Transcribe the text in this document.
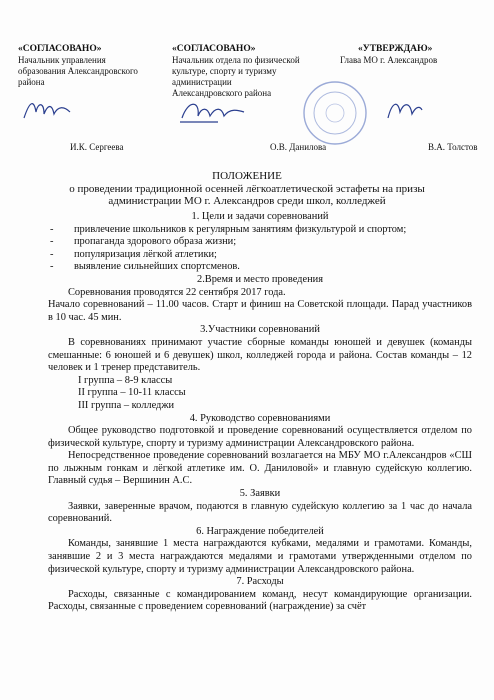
«СОГЛАСОВАНО»
Начальник управления
образования Александровского
района
«СОГЛАСОВАНО»
Начальник отдела по физической
культуре, спорту и туризму
администрации
Александровского района
«УТВЕРЖДАЮ»
Глава МО г. Александров
И.К. Сергеева	О.В. Данилова	В.А. Толстов
ПОЛОЖЕНИЕ
о проведении традиционной осенней лёгкоатлетической эстафеты на призы
администрации МО г. Александров среди школ, колледжей

1. Цели и задачи соревнований

- привлечение школьников к регулярным занятиям физкультурой и спортом;
- пропаганда здорового образа жизни;
- популяризация лёгкой атлетики;
- выявление сильнейших спортсменов.

2.Время и место проведения

Соревнования проводятся 22 сентября 2017 года.

Начало соревнований – 11.00 часов. Старт и финиш на Советской площади. Парад участников в 10 час. 45 мин.

3.Участники соревнований

В соревнованиях принимают участие сборные команды юношей и девушек (команды смешанные: 6 юношей и 6 девушек) школ, колледжей города и района. Состав команды – 12 человек и 1 тренер представитель.

I группа – 8-9 классы

II группа – 10-11 классы

III группа – колледжи

4. Руководство соревнованиями

Общее руководство подготовкой и проведение соревнований осуществляется отделом по физической культуре, спорту и туризму администрации Александровского района.

Непосредственное проведение соревнований возлагается на МБУ МО г.Александров «СШ по лыжным гонкам и лёгкой атлетике им. О. Даниловой» и главную судейскую коллегию. Главный судья – Вершинин А.С.

5. Заявки

Заявки, заверенные врачом, подаются в главную судейскую коллегию за 1 час до начала соревнований.

6. Награждение победителей

Команды, занявшие 1 места награждаются кубками, медалями и грамотами. Команды, занявшие 2 и 3 места награждаются медалями и грамотами утвержденными отделом по физической культуре, спорту и туризму администрации Александровского района.

7. Расходы

Расходы, связанные с командированием команд, несут командирующие организации. Расходы, связанные с проведением соревнований (награждение) за счёт
